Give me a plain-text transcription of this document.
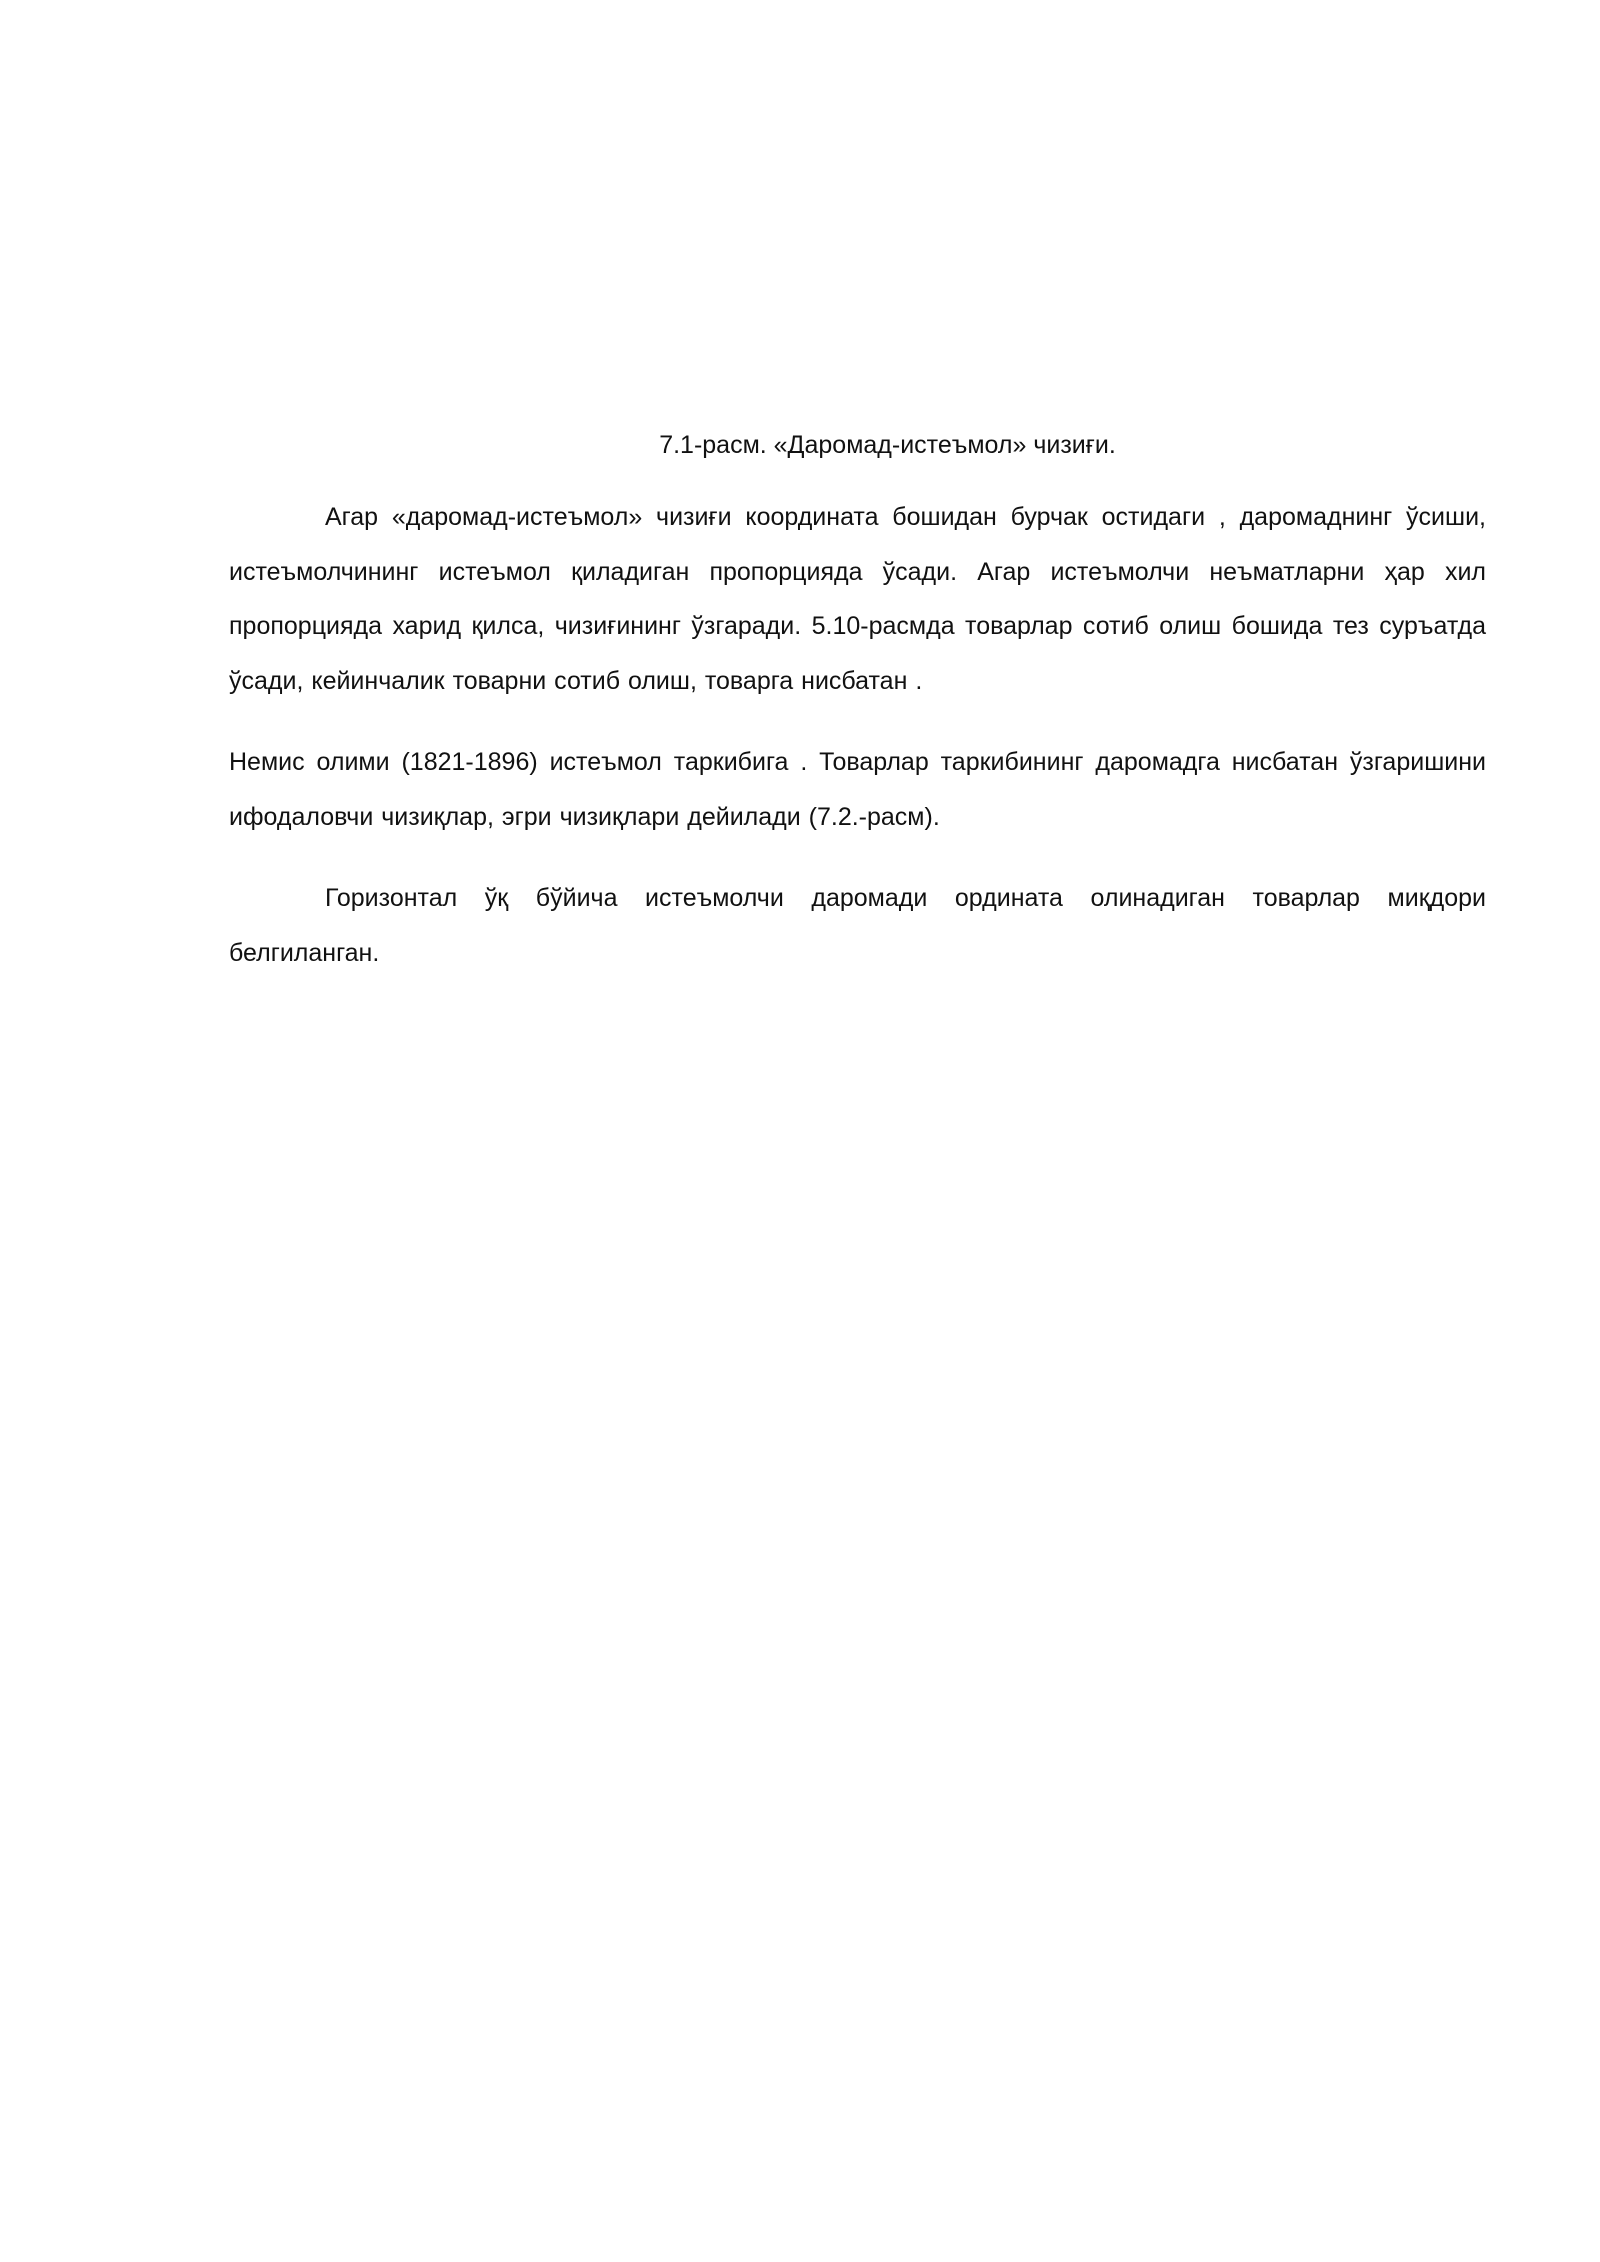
7.1-расм. «Даромад-истеъмол» чизиғи.

Агар «даромад-истеъмол» чизиғи координата бошидан бурчак остидаги , даромаднинг ўсиши, истеъмолчининг истеъмол қиладиган пропорцияда ўсади. Агар истеъмолчи неъматларни ҳар хил пропорцияда харид қилса, чизиғининг ўзгаради. 5.10-расмда товарлар сотиб олиш бошида тез суръатда ўсади, кейинчалик товарни сотиб олиш, товарга нисбатан .

Немис олими (1821-1896) истеъмол таркибига . Товарлар таркибининг даромадга нисбатан ўзгаришини ифодаловчи чизиқлар, эгри чизиқлари дейилади (7.2.-расм).

Горизонтал ўқ бўйича истеъмолчи даромади ордината олинадиган товарлар миқдори белгиланган.
